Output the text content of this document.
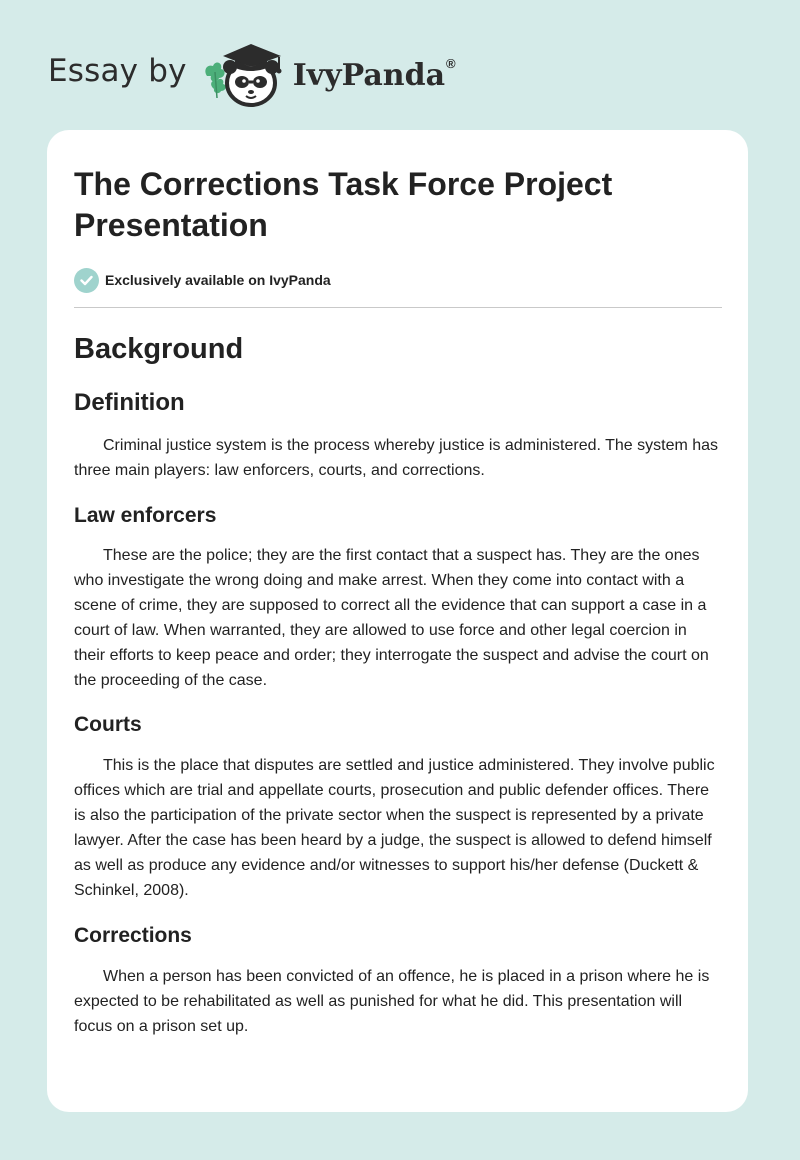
Essay by	IvyPanda®
The Corrections Task Force Project Presentation
Exclusively available on IvyPanda
Background
Definition

Criminal justice system is the process whereby justice is administered. The system has three main players: law enforcers, courts, and corrections.

Law enforcers

These are the police; they are the first contact that a suspect has. They are the ones who investigate the wrong doing and make arrest. When they come into contact with a scene of crime, they are supposed to correct all the evidence that can support a case in a court of law. When warranted, they are allowed to use force and other legal coercion in their efforts to keep peace and order; they interrogate the suspect and advise the court on the proceeding of the case.

Courts

This is the place that disputes are settled and justice administered. They involve public offices which are trial and appellate courts, prosecution and public defender offices. There is also the participation of the private sector when the suspect is represented by a private lawyer. After the case has been heard by a judge, the suspect is allowed to defend himself as well as produce any evidence and/or witnesses to support his/her defense (Duckett & Schinkel, 2008).

Corrections

When a person has been convicted of an offence, he is placed in a prison where he is expected to be rehabilitated as well as punished for what he did. This presentation will focus on a prison set up.
